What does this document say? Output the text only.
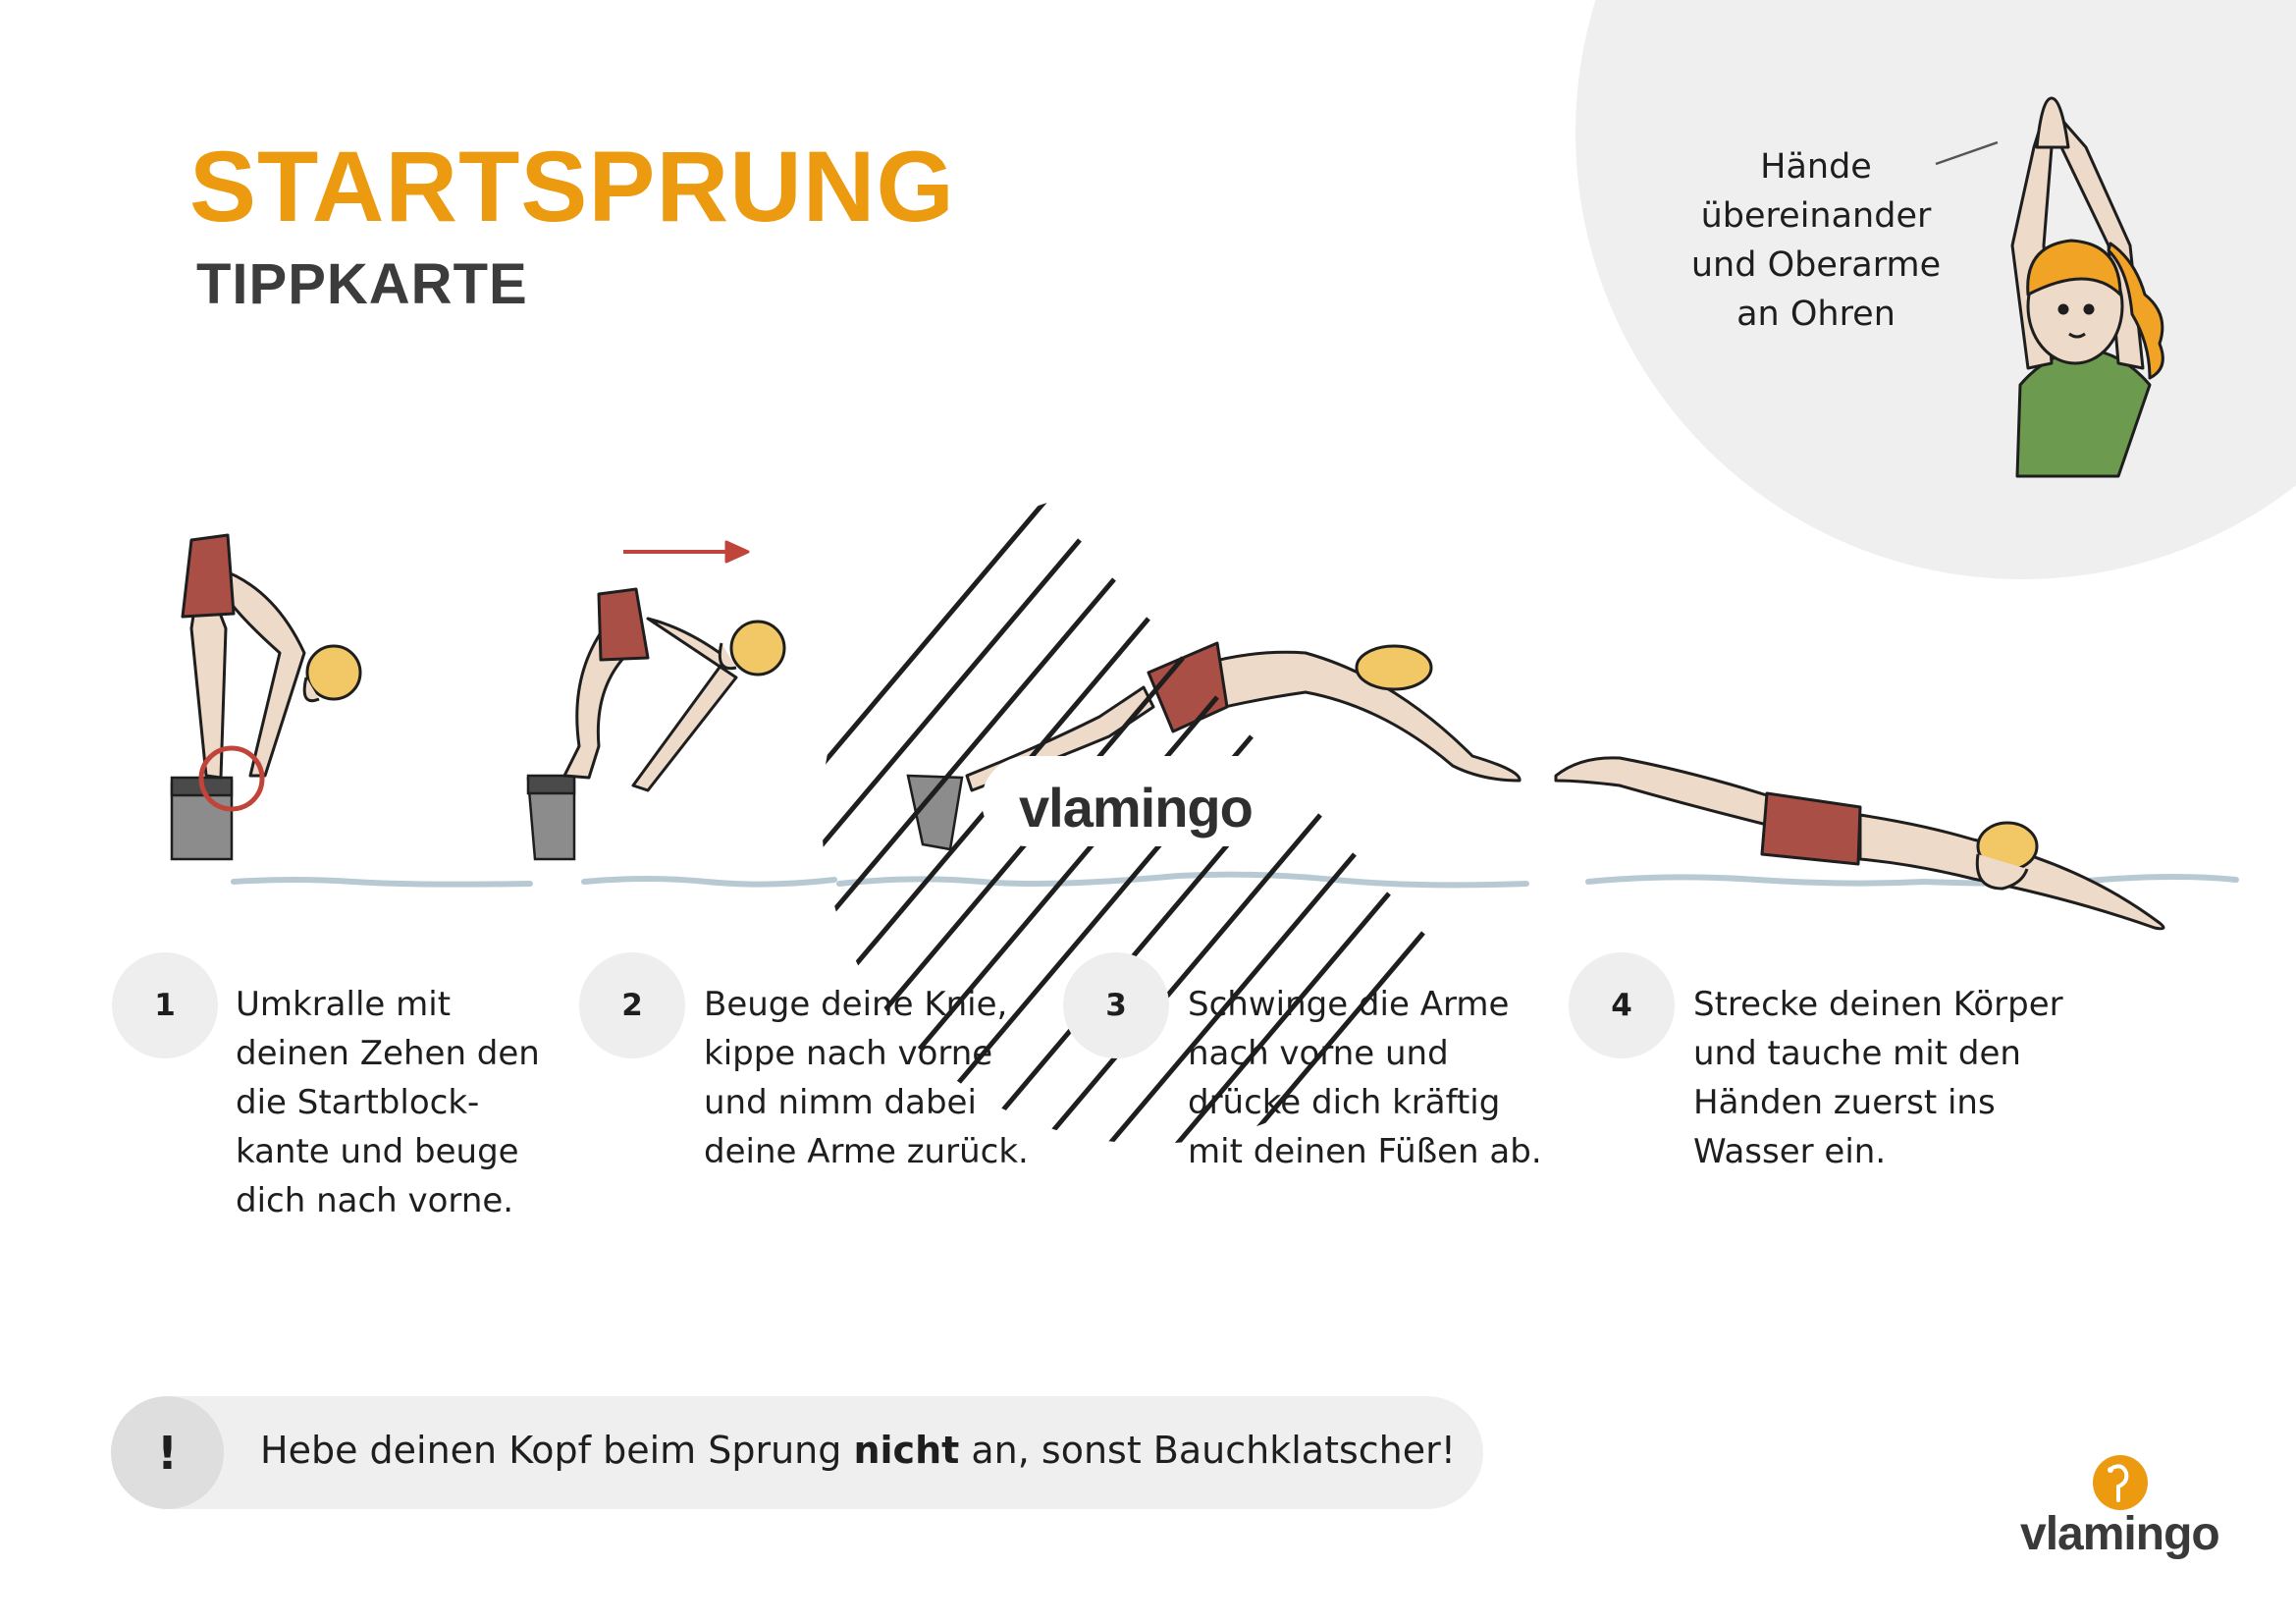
STARTSPRUNG
TIPPKARTE
Hände
übereinander
und Oberarme
an Ohren
vlamingo
1	Umkralle mit
deinen Zehen den
die Startblock-
kante und beuge
dich nach vorne.
2	Beuge deine Knie,
kippe nach vorne
und nimm dabei
deine Arme zurück.
3	Schwinge die Arme
nach vorne und
drücke dich kräftig
mit deinen Füßen ab.
4	Strecke deinen Körper
und tauche mit den
Händen zuerst ins
Wasser ein.
!	Hebe deinen Kopf beim Sprung nicht an, sonst Bauchklatscher!
vlamingo
